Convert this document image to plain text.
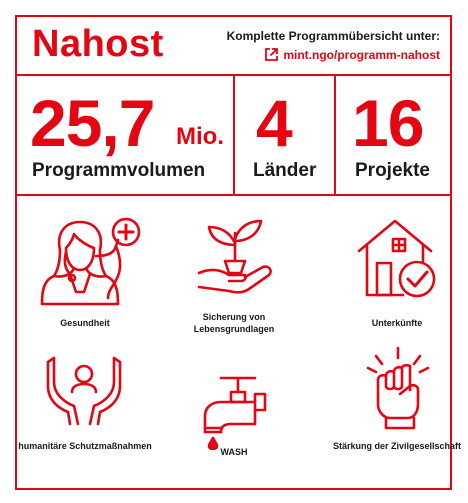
Nahost	Komplette Programmübersicht unter:
mint.ngo/programm-nahost
25,7 Mio.
Programmvolumen
4
Länder
16
Projekte
Gesundheit
Sicherung von Lebensgrundlagen
Unterkünfte
humanitäre Schutzmaßnahmen
WASH
Stärkung der Zivilgesellschaft
